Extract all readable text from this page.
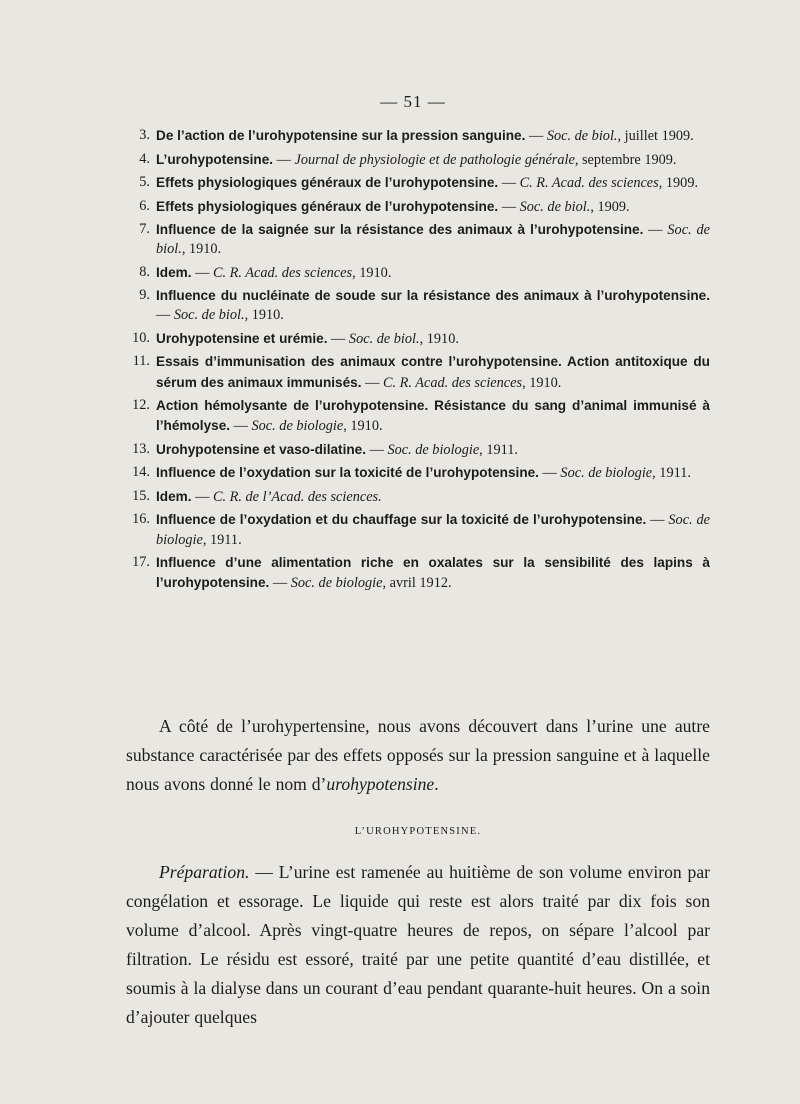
— 51 —
3. De l’action de l’urohypotensine sur la pression sanguine. — Soc. de biol., juillet 1909.
4. L’urohypotensine. — Journal de physiologie et de pathologie générale, septembre 1909.
5. Effets physiologiques généraux de l’urohypotensine. — C. R. Acad. des sciences, 1909.
6. Effets physiologiques généraux de l’urohypotensine. — Soc. de biol., 1909.
7. Influence de la saignée sur la résistance des animaux à l’urohypotensine. — Soc. de biol., 1910.
8. Idem. — C. R. Acad. des sciences, 1910.
9. Influence du nucléinate de soude sur la résistance des animaux à l’urohypotensine. — Soc. de biol., 1910.
10. Urohypotensine et urémie. — Soc. de biol., 1910.
11. Essais d’immunisation des animaux contre l’urohypotensine. Action antitoxique du sérum des animaux immunisés. — C. R. Acad. des sciences, 1910.
12. Action hémolysante de l’urohypotensine. Résistance du sang d’animal immunisé à l’hémolyse. — Soc. de biologie, 1910.
13. Urohypotensine et vaso-dilatine. — Soc. de biologie, 1911.
14. Influence de l’oxydation sur la toxicité de l’urohypotensine. — Soc. de biologie, 1911.
15. Idem. — C. R. de l’Acad. des sciences.
16. Influence de l’oxydation et du chauffage sur la toxicité de l’urohypotensine. — Soc. de biologie, 1911.
17. Influence d’une alimentation riche en oxalates sur la sensibilité des lapins à l’urohypotensine. — Soc. de biologie, avril 1912.

A côté de l’urohypertensine, nous avons découvert dans l’urine une autre substance caractérisée par des effets opposés sur la pression sanguine et à laquelle nous avons donné le nom d’urohypotensine.

L’UROHYPOTENSINE.

Préparation. — L’urine est ramenée au huitième de son volume environ par congélation et essorage. Le liquide qui reste est alors traité par dix fois son volume d’alcool. Après vingt-quatre heures de repos, on sépare l’alcool par filtration. Le résidu est essoré, traité par une petite quantité d’eau distillée, et soumis à la dialyse dans un courant d’eau pendant quarante-huit heures. On a soin d’ajouter quelques
